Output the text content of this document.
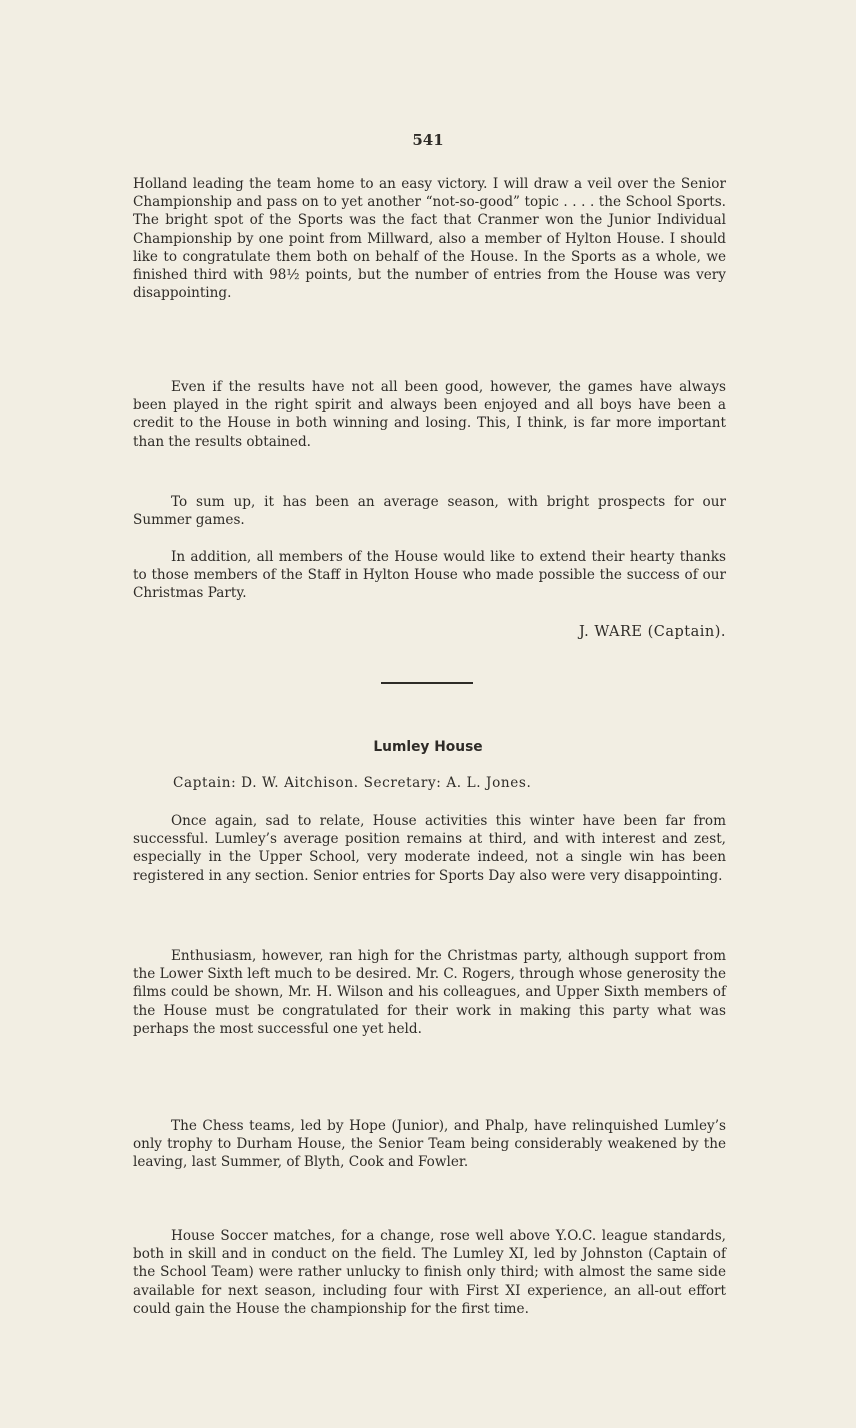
541

Holland leading the team home to an easy victory. I will draw a veil over the Senior Championship and pass on to yet another “not-so-good” topic . . . . the School Sports. The bright spot of the Sports was the fact that Cranmer won the Junior Individual Championship by one point from Millward, also a member of Hylton House. I should like to congratulate them both on behalf of the House. In the Sports as a whole, we finished third with 98½ points, but the number of entries from the House was very disappointing.

Even if the results have not all been good, however, the games have always been played in the right spirit and always been enjoyed and all boys have been a credit to the House in both winning and losing. This, I think, is far more important than the results obtained.

To sum up, it has been an average season, with bright prospects for our Summer games.

In addition, all members of the House would like to extend their hearty thanks to those members of the Staff in Hylton House who made possible the success of our Christmas Party.

J. WARE (Captain).
Lumley House
Captain: D. W. Aitchison. Secretary: A. L. Jones.

Once again, sad to relate, House activities this winter have been far from successful. Lumley’s average position remains at third, and with interest and zest, especially in the Upper School, very moderate indeed, not a single win has been registered in any section. Senior entries for Sports Day also were very disappointing.

Enthusiasm, however, ran high for the Christmas party, although support from the Lower Sixth left much to be desired. Mr. C. Rogers, through whose generosity the films could be shown, Mr. H. Wilson and his colleagues, and Upper Sixth members of the House must be congratulated for their work in making this party what was perhaps the most successful one yet held.

The Chess teams, led by Hope (Junior), and Phalp, have relinquished Lumley’s only trophy to Durham House, the Senior Team being considerably weakened by the leaving, last Summer, of Blyth, Cook and Fowler.

House Soccer matches, for a change, rose well above Y.O.C. league standards, both in skill and in conduct on the field. The Lumley XI, led by Johnston (Captain of the School Team) were rather unlucky to finish only third; with almost the same side available for next season, including four with First XI experience, an all-out effort could gain the House the championship for the first time.
